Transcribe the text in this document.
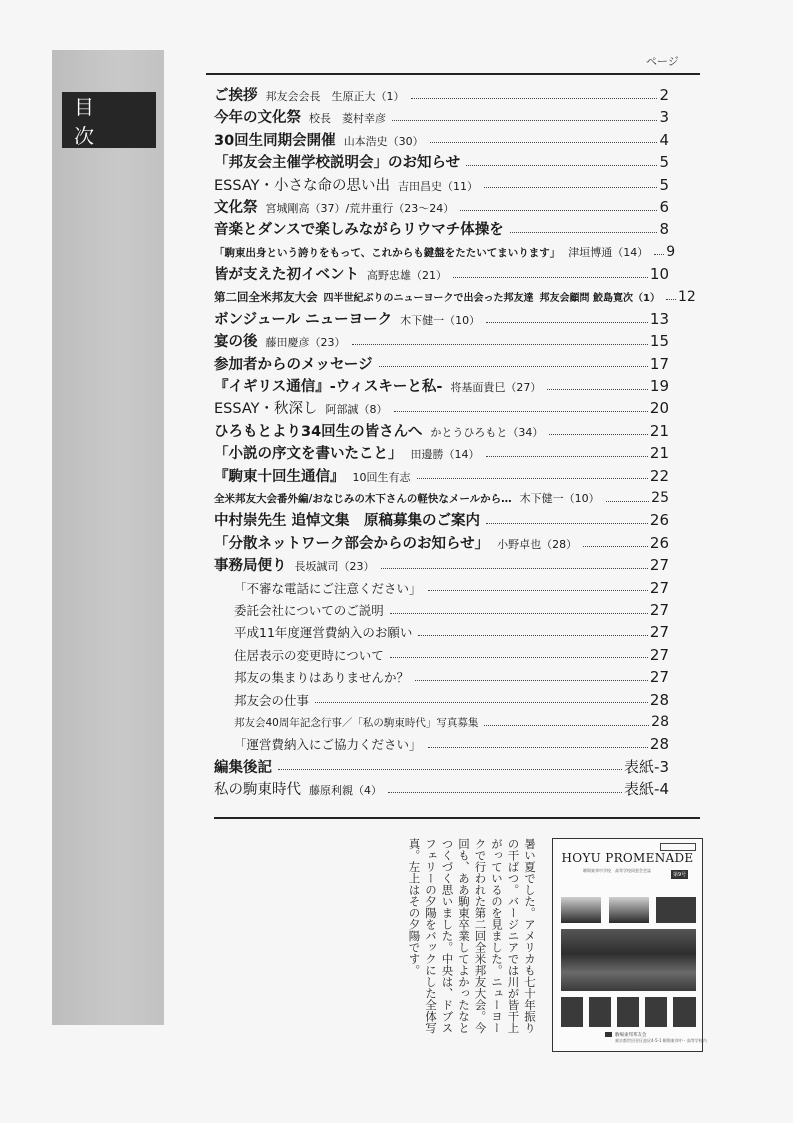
目 次
ページ
ご挨拶 邦友会会長　生原正大（1）	2
今年の文化祭 校長　菱村幸彦	3
30回生同期会開催 山本浩史（30）	4
「邦友会主催学校説明会」のお知らせ	5
ESSAY・小さな命の思い出 吉田昌史（11）	5
文化祭 宮城剛高（37）/荒井重行（23〜24）	6
音楽とダンスで楽しみながらリウマチ体操を	8
「駒東出身という誇りをもって、これからも鍵盤をたたいてまいります」 津垣博通（14） 9
皆が支えた初イベント 高野忠雄（21）	10
第二回全米邦友大会 四半世紀ぶりのニューヨークで出会った邦友達 邦友会顧問 鮫島寛次（1） 12
ボンジュール ニューヨーク 木下健一（10）	13
宴の後 藤田慶彦（23）	15
参加者からのメッセージ	17
『イギリス通信』-ウィスキーと私- 将基面貴巳（27）	19
ESSAY・秋深し 阿部誠（8）	20
ひろもとより34回生の皆さんへ かとうひろもと（34）	21
「小説の序文を書いたこと」 田邊勝（14）	21
『駒東十回生通信』 10回生有志	22
全米邦友大会番外編/おなじみの木下さんの軽快なメールから… 木下健一（10）	25
中村崇先生 追悼文集　原稿募集のご案内	26
「分散ネットワーク部会からのお知らせ」 小野卓也（28）	26
事務局便り 長坂誠司（23）	27
「不審な電話にご注意ください」	27
委託会社についてのご説明	27
平成11年度運営費納入のお願い	27
住居表示の変更時について	27
邦友の集まりはありませんか？	27
邦友会の仕事	28
邦友会40周年記念行事／「私の駒東時代」写真募集	28
「運営費納入にご協力ください」	28
編集後記	表紙-3
私の駒東時代 藤原利親（4）	表紙-4
暑い夏でした。アメリカも七十年振りの干ばつ。バージニアでは川が皆干上がっているのを見ました。ニューヨークで行われた第二回全米邦友大会。今回も、ああ駒東卒業してよかったなとつくづく思いました。中央は、ドブスフェリーの夕陽をバックにした全体写真。左上はその夕陽です。	HOYU PROMENADE
駒場東邦中学校　高等学校同窓会会誌
第9号
駒場東邦邦友会
東京都世田谷区池尻4-5-1 駒場東邦中・高等学校内
